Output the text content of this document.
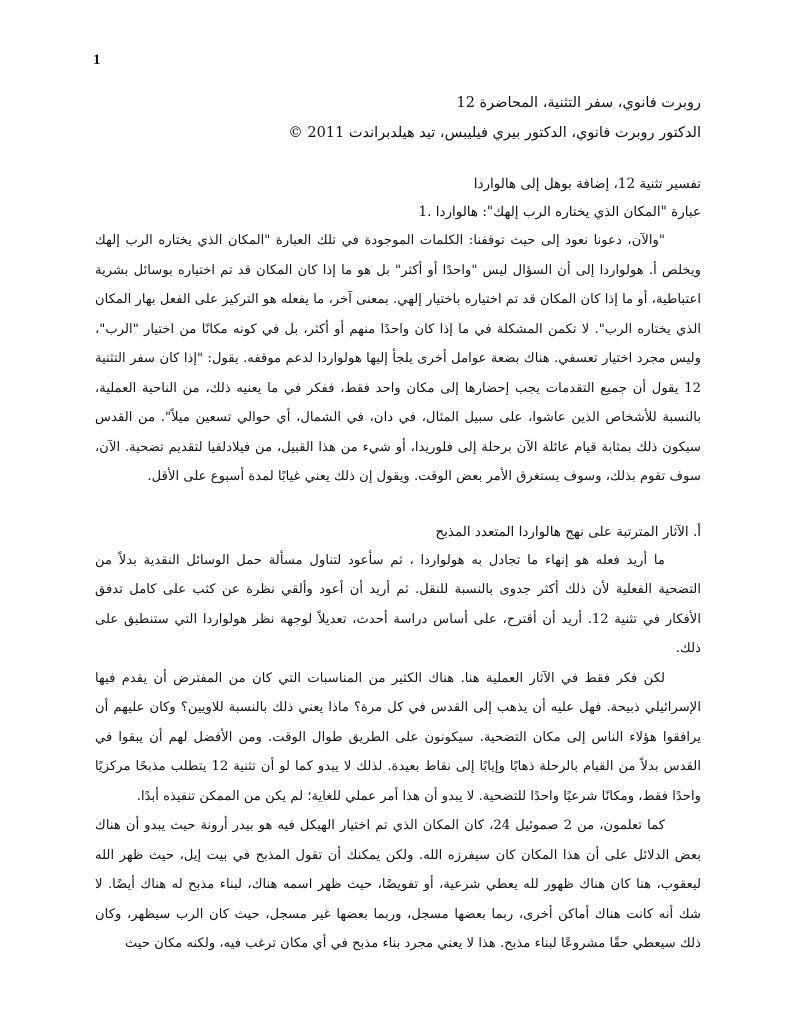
1

روبرت فانوي، سفر التثنية، المحاضرة 12

الدكتور روبرت فانوي، الدكتور بيري فيليبس، تيد هيلدبراندت 2011 ©

تفسير تثنية 12، إضافة بوهل إلى هالواردا

عبارة "المكان الذي يختاره الرب إلهك": هالواردا .1

"والآن، دعونا نعود إلى حيث توقفنا: الكلمات الموجودة في تلك العبارة "المكان الذي يختاره الرب إلهك ويخلص أ. هولواردا إلى أن السؤال ليس "واحدًا أو أكثر" بل هو ما إذا كان المكان قد تم اختياره بوسائل بشرية اعتباطية، أو ما إذا كان المكان قد تم اختياره باختيار إلهي. بمعنى آخر، ما يفعله هو التركيز على الفعل بهار المكان الذي يختاره الرب". لا تكمن المشكلة في ما إذا كان واحدًا منهم أو أكثر، بل في كونه مكانًا من اختيار "الرب"، وليس مجرد اختيار تعسفي. هناك بضعة عوامل أخرى يلجأ إليها هولواردا لدعم موقفه. يقول: "إذا كان سفر التثنية 12 يقول أن جميع التقدمات يجب إحضارها إلى مكان واحد فقط، ففكر في ما يعنيه ذلك، من الناحية العملية، بالنسبة للأشخاص الذين عاشوا، على سبيل المثال، في دان، في الشمال، أي حوالي تسعين ميلاً". من القدس سيكون ذلك بمثابة قيام عائلة الآن برحلة إلى فلوريدا، أو شيء من هذا القبيل، من فيلادلفيا لتقديم تضحية. الآن، سوف تقوم بذلك، وسوف يستغرق الأمر بعض الوقت. ويقول إن ذلك يعني غيابًا لمدة أسبوع على الأقل.

أ. الآثار المترتبة على نهج هالواردا المتعدد المذبح

ما أريد فعله هو إنهاء ما تجادل به هولواردا ، ثم سأعود لتناول مسألة حمل الوسائل النقدية بدلاً من التضحية الفعلية لأن ذلك أكثر جدوى بالنسبة للنقل. ثم أريد أن أعود وألقي نظرة عن كثب على كامل تدفق الأفكار في تثنية 12. أريد أن أقترح، على أساس دراسة أحدث، تعديلاً لوجهة نظر هولواردا التي ستنطبق على ذلك.

لكن فكر فقط في الآثار العملية هنا. هناك الكثير من المناسبات التي كان من المفترض أن يقدم فيها الإسرائيلي ذبيحة. فهل عليه أن يذهب إلى القدس في كل مرة؟ ماذا يعني ذلك بالنسبة للاويين؟ وكان عليهم أن يرافقوا هؤلاء الناس إلى مكان التضحية. سيكونون على الطريق طوال الوقت. ومن الأفضل لهم أن يبقوا في القدس بدلاً من القيام بالرحلة ذهابًا وإيابًا إلى نقاط بعيدة. لذلك لا يبدو كما لو أن تثنية 12 يتطلب مذبحًا مركزيًا واحدًا فقط، ومكانًا شرعيًا واحدًا للتضحية. لا يبدو أن هذا أمر عملي للغاية؛ لم يكن من الممكن تنفيذه أبدًا.

كما تعلمون، من 2 صموئيل 24، كان المكان الذي تم اختيار الهيكل فيه هو بيدر أرونة حيث يبدو أن هناك بعض الدلائل على أن هذا المكان كان سيفرزه الله. ولكن يمكنك أن تقول المذبح في بيت إيل، حيث ظهر الله ليعقوب، هنا كان هناك ظهور لله يعطي شرعية، أو تفويضًا، حيث ظهر اسمه هناك، لبناء مذبح له هناك أيضًا. لا شك أنه كانت هناك أماكن أخرى، ربما بعضها مسجل، وربما بعضها غير مسجل، حيث كان الرب سيظهر، وكان ذلك سيعطي حقًا مشروعًا لبناء مذبح. هذا لا يعني مجرد بناء مذبح في أي مكان ترغب فيه، ولكنه مكان حيث
